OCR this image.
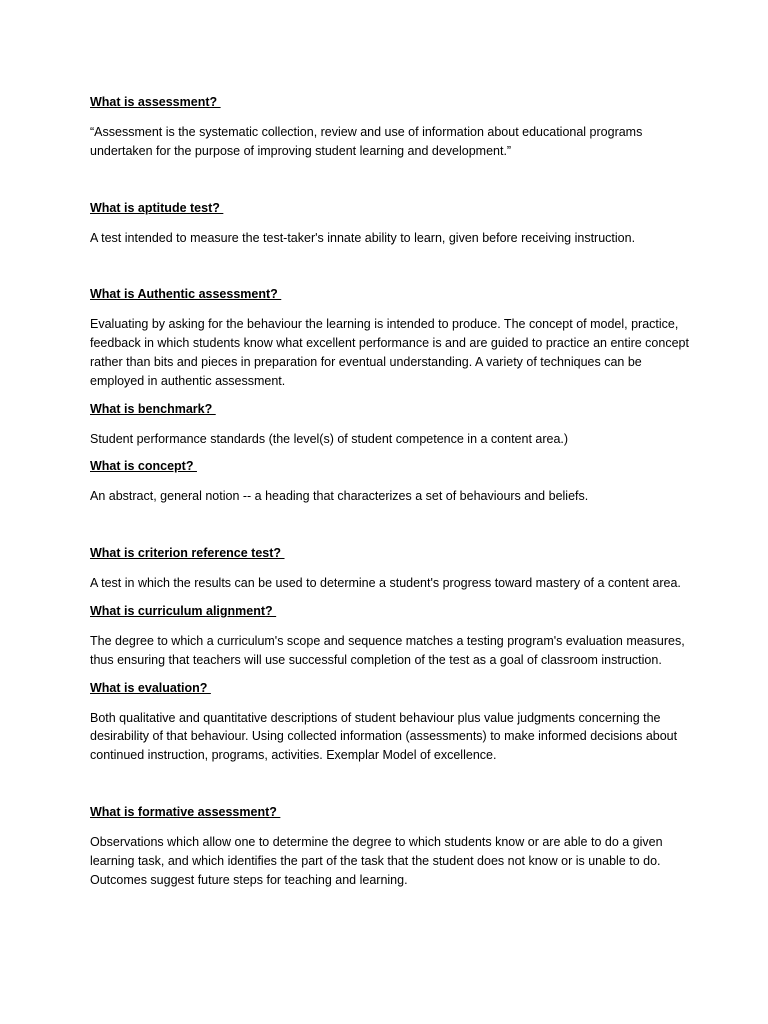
What is assessment?

“Assessment is the systematic collection, review and use of information about educational programs undertaken for the purpose of improving student learning and development.”

What is aptitude test?

A test intended to measure the test-taker's innate ability to learn, given before receiving instruction.

What is Authentic assessment?

Evaluating by asking for the behaviour the learning is intended to produce. The concept of model, practice, feedback in which students know what excellent performance is and are guided to practice an entire concept rather than bits and pieces in preparation for eventual understanding. A variety of techniques can be employed in authentic assessment.

What is benchmark?

Student performance standards (the level(s) of student competence in a content area.)

What is concept?

An abstract, general notion -- a heading that characterizes a set of behaviours and beliefs.

What is criterion reference test?

A test in which the results can be used to determine a student's progress toward mastery of a content area.

What is curriculum alignment?

The degree to which a curriculum's scope and sequence matches a testing program's evaluation measures, thus ensuring that teachers will use successful completion of the test as a goal of classroom instruction.

What is evaluation?

Both qualitative and quantitative descriptions of student behaviour plus value judgments concerning the desirability of that behaviour. Using collected information (assessments) to make informed decisions about continued instruction, programs, activities. Exemplar Model of excellence.

What is formative assessment?

Observations which allow one to determine the degree to which students know or are able to do a given learning task, and which identifies the part of the task that the student does not know or is unable to do. Outcomes suggest future steps for teaching and learning.
